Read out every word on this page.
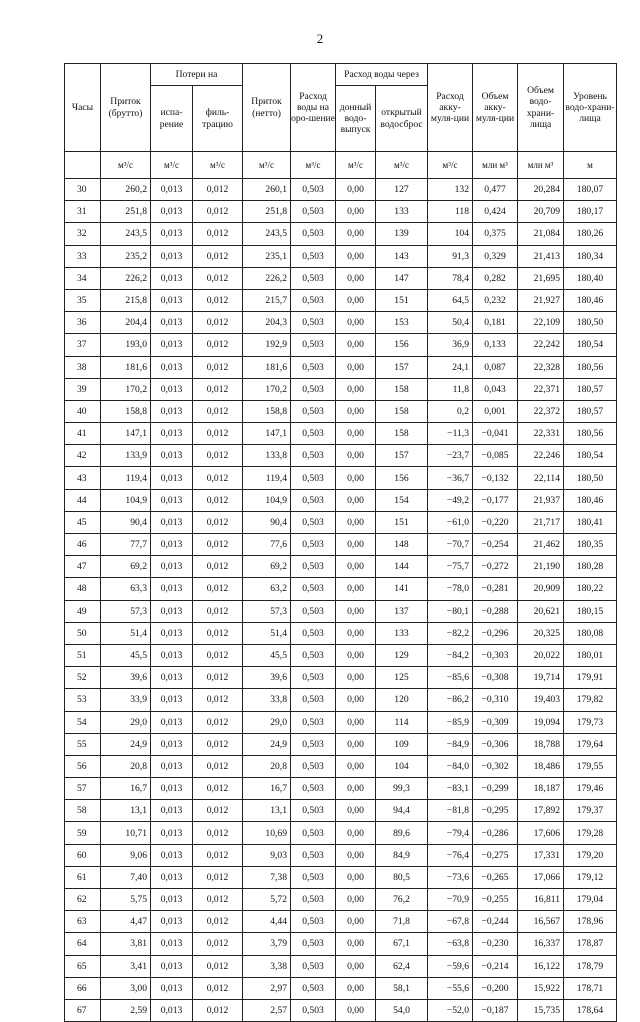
2
Часы	Приток (брутто)	Потери на		Приток (нетто)	Расход воды на оро-шение	Расход воды через		Расход акку-муля-ции	Объем акку-муля-ции	Объем водо-храни-лища	Уровень водо-храни-лища
		испа-рение	филь-трацию			донный водо-выпуск	открытый водосброс				
	м³/с	м³/с	м³/с	м³/с	м³/с	м³/с	м³/с	м³/с	млн м³	млн м³	м
30	260,2	0,013	0,012	260,1	0,503	0,00	127	132	0,477	20,284	180,07
31	251,8	0,013	0,012	251,8	0,503	0,00	133	118	0,424	20,709	180,17
32	243,5	0,013	0,012	243,5	0,503	0,00	139	104	0,375	21,084	180,26
33	235,2	0,013	0,012	235,1	0,503	0,00	143	91,3	0,329	21,413	180,34
34	226,2	0,013	0,012	226,2	0,503	0,00	147	78,4	0,282	21,695	180,40
35	215,8	0,013	0,012	215,7	0,503	0,00	151	64,5	0,232	21,927	180,46
36	204,4	0,013	0,012	204,3	0,503	0,00	153	50,4	0,181	22,109	180,50
37	193,0	0,013	0,012	192,9	0,503	0,00	156	36,9	0,133	22,242	180,54
38	181,6	0,013	0,012	181,6	0,503	0,00	157	24,1	0,087	22,328	180,56
39	170,2	0,013	0,012	170,2	0,503	0,00	158	11,8	0,043	22,371	180,57
40	158,8	0,013	0,012	158,8	0,503	0,00	158	0,2	0,001	22,372	180,57
41	147,1	0,013	0,012	147,1	0,503	0,00	158	−11,3	−0,041	22,331	180,56
42	133,9	0,013	0,012	133,8	0,503	0,00	157	−23,7	−0,085	22,246	180,54
43	119,4	0,013	0,012	119,4	0,503	0,00	156	−36,7	−0,132	22,114	180,50
44	104,9	0,013	0,012	104,9	0,503	0,00	154	−49,2	−0,177	21,937	180,46
45	90,4	0,013	0,012	90,4	0,503	0,00	151	−61,0	−0,220	21,717	180,41
46	77,7	0,013	0,012	77,6	0,503	0,00	148	−70,7	−0,254	21,462	180,35
47	69,2	0,013	0,012	69,2	0,503	0,00	144	−75,7	−0,272	21,190	180,28
48	63,3	0,013	0,012	63,2	0,503	0,00	141	−78,0	−0,281	20,909	180,22
49	57,3	0,013	0,012	57,3	0,503	0,00	137	−80,1	−0,288	20,621	180,15
50	51,4	0,013	0,012	51,4	0,503	0,00	133	−82,2	−0,296	20,325	180,08
51	45,5	0,013	0,012	45,5	0,503	0,00	129	−84,2	−0,303	20,022	180,01
52	39,6	0,013	0,012	39,6	0,503	0,00	125	−85,6	−0,308	19,714	179,91
53	33,9	0,013	0,012	33,8	0,503	0,00	120	−86,2	−0,310	19,403	179,82
54	29,0	0,013	0,012	29,0	0,503	0,00	114	−85,9	−0,309	19,094	179,73
55	24,9	0,013	0,012	24,9	0,503	0,00	109	−84,9	−0,306	18,788	179,64
56	20,8	0,013	0,012	20,8	0,503	0,00	104	−84,0	−0,302	18,486	179,55
57	16,7	0,013	0,012	16,7	0,503	0,00	99,3	−83,1	−0,299	18,187	179,46
58	13,1	0,013	0,012	13,1	0,503	0,00	94,4	−81,8	−0,295	17,892	179,37
59	10,71	0,013	0,012	10,69	0,503	0,00	89,6	−79,4	−0,286	17,606	179,28
60	9,06	0,013	0,012	9,03	0,503	0,00	84,9	−76,4	−0,275	17,331	179,20
61	7,40	0,013	0,012	7,38	0,503	0,00	80,5	−73,6	−0,265	17,066	179,12
62	5,75	0,013	0,012	5,72	0,503	0,00	76,2	−70,9	−0,255	16,811	179,04
63	4,47	0,013	0,012	4,44	0,503	0,00	71,8	−67,8	−0,244	16,567	178,96
64	3,81	0,013	0,012	3,79	0,503	0,00	67,1	−63,8	−0,230	16,337	178,87
65	3,41	0,013	0,012	3,38	0,503	0,00	62,4	−59,6	−0,214	16,122	178,79
66	3,00	0,013	0,012	2,97	0,503	0,00	58,1	−55,6	−0,200	15,922	178,71
67	2,59	0,013	0,012	2,57	0,503	0,00	54,0	−52,0	−0,187	15,735	178,64
